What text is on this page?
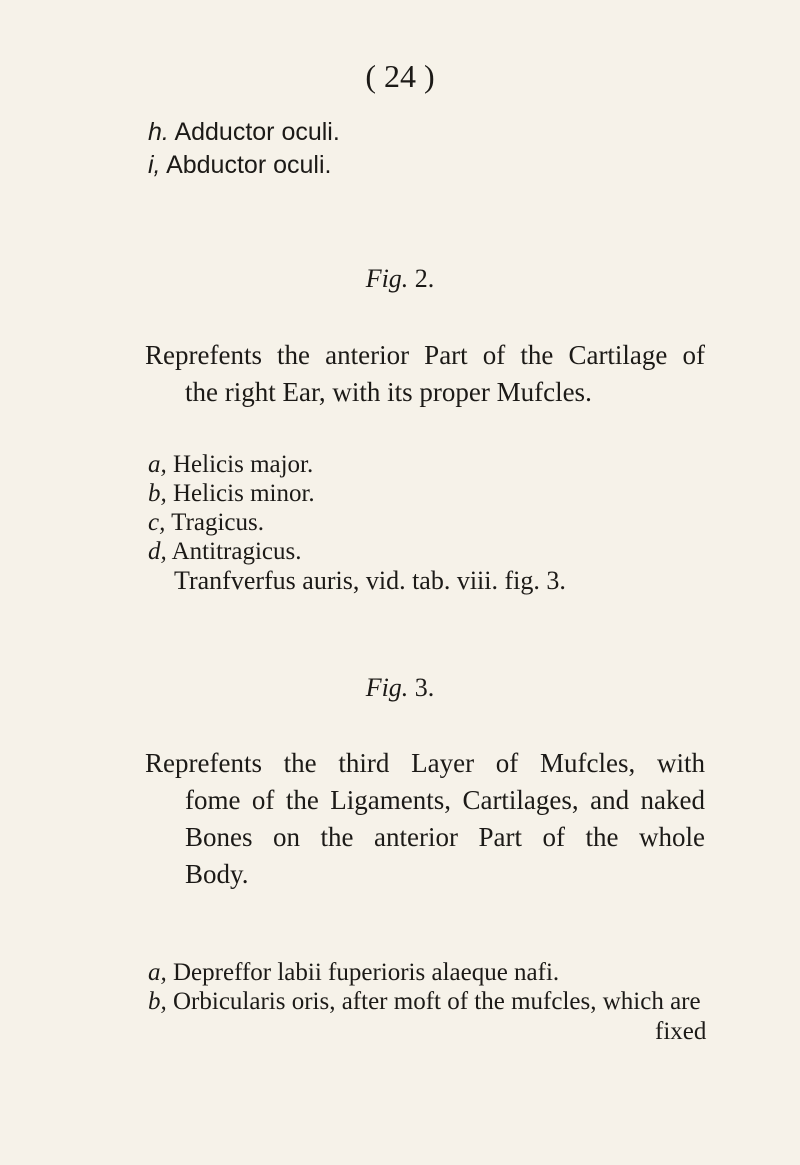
( 24 )
h. Adductor oculi.
i, Abductor oculi.
Fig. 2.
Reprefents the anterior Part of the Cartilage of
the right Ear, with its proper Mufcles.
a, Helicis major.
b, Helicis minor.
c, Tragicus.
d, Antitragicus.
Tranfverfus auris, vid. tab. viii. fig. 3.
Fig. 3.
Reprefents the third Layer of Mufcles, with
fome of the Ligaments, Cartilages, and naked
Bones on the anterior Part of the whole
Body.
a, Depreffor labii fuperioris alaeque nafi.
b, Orbicularis oris, after moft of the mufcles, which are
fixed
